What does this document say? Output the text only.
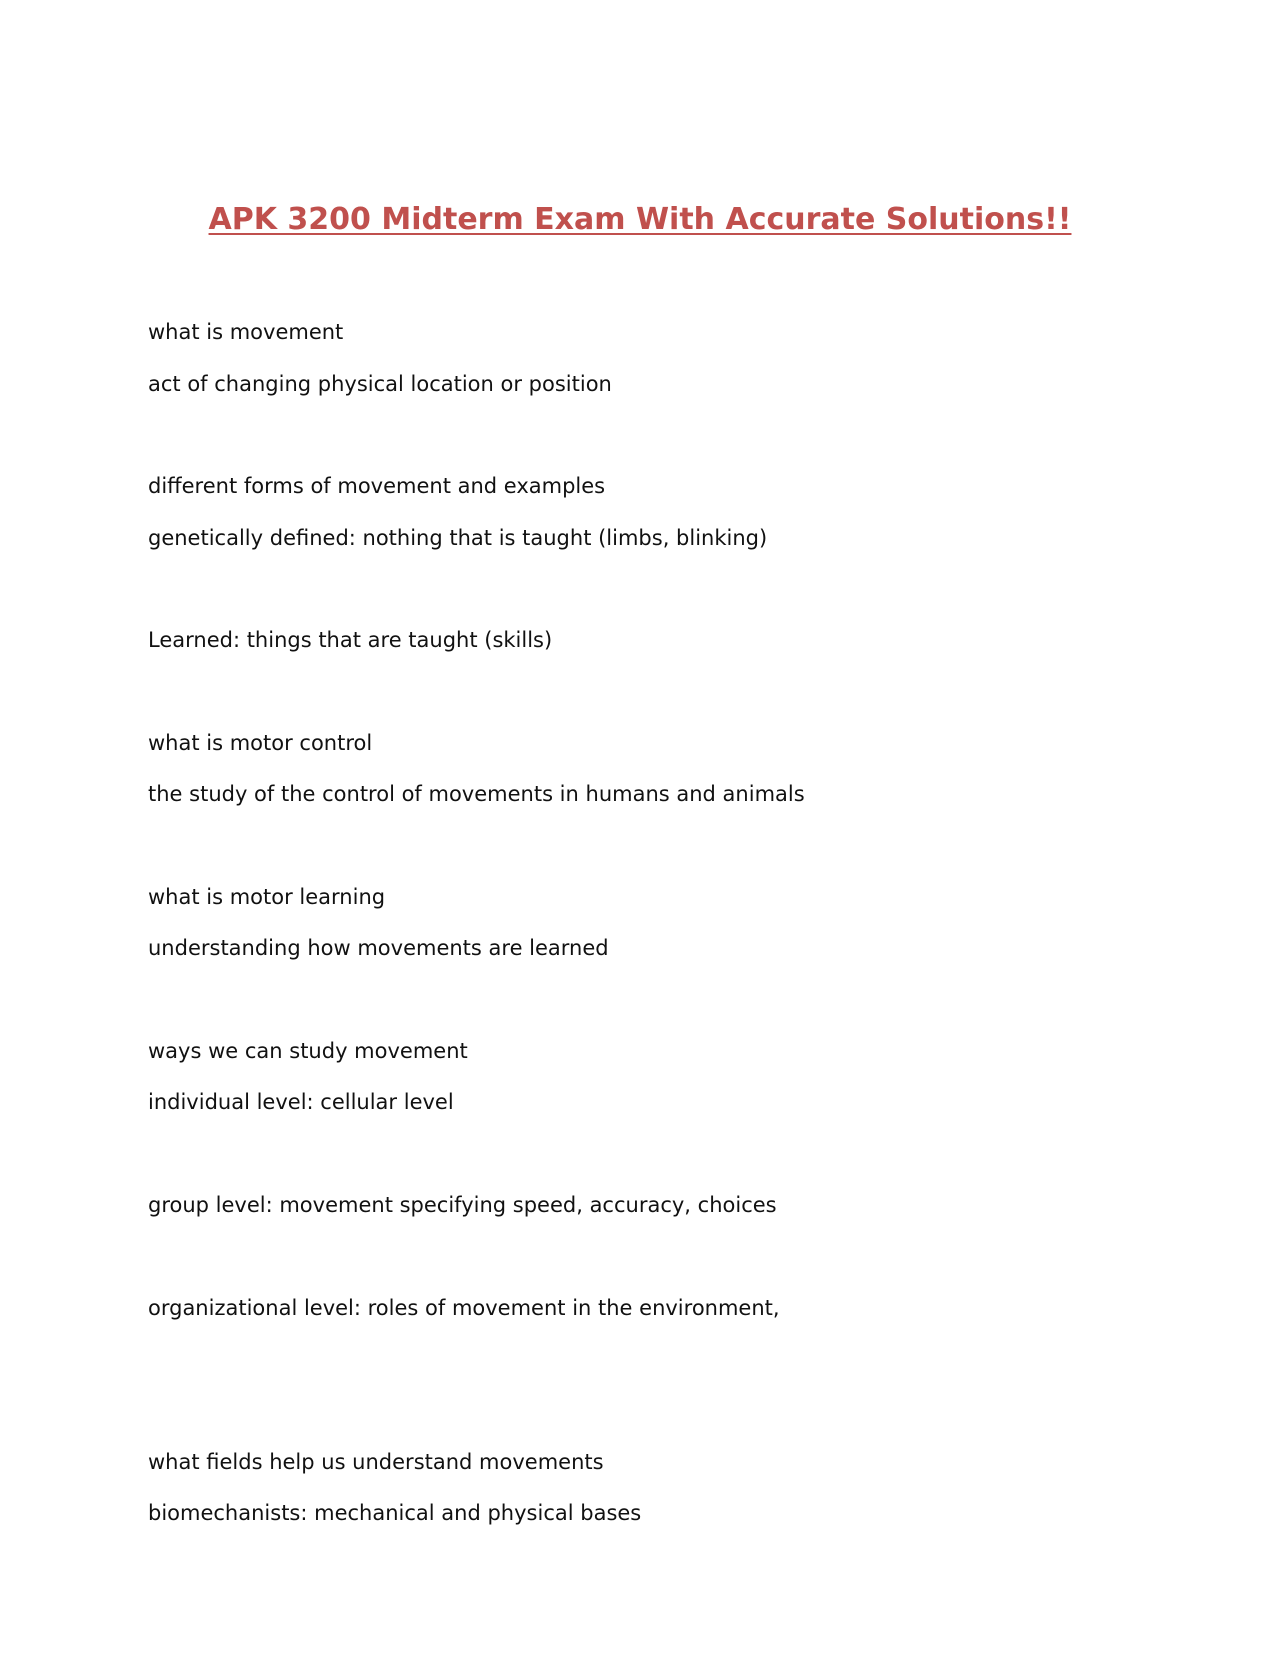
APK 3200 Midterm Exam With Accurate Solutions!!

what is movement

act of changing physical location or position

different forms of movement and examples

genetically defined: nothing that is taught (limbs, blinking)

Learned: things that are taught (skills)

what is motor control

the study of the control of movements in humans and animals

what is motor learning

understanding how movements are learned

ways we can study movement

individual level: cellular level

group level: movement specifying speed, accuracy, choices

organizational level: roles of movement in the environment,

what fields help us understand movements

biomechanists: mechanical and physical bases
